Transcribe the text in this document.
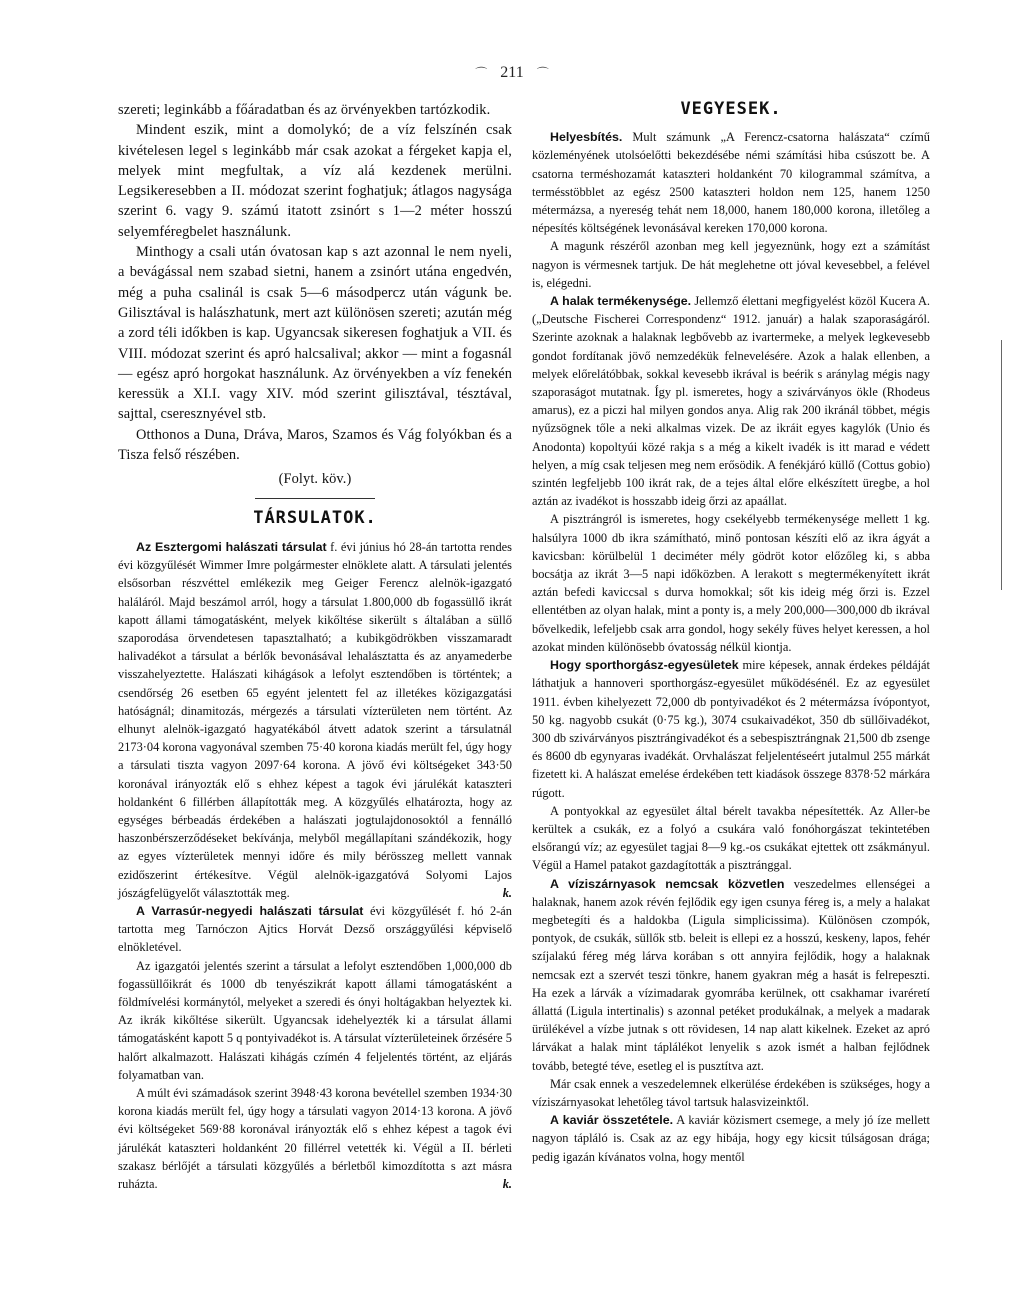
⌒ 211 ⌒

szereti; leginkább a főáradatban és az örvényekben tartózkodik.

Mindent eszik, mint a domolykó; de a víz felszínén csak kivételesen legel s leginkább már csak azokat a férgeket kapja el, melyek mint megfultak, a víz alá kezdenek merülni. Legsikeresebben a II. módozat szerint foghatjuk; átlagos nagysága szerint 6. vagy 9. számú itatott zsinórt s 1—2 méter hosszú selyemféregbelet használunk.

Minthogy a csali után óvatosan kap s azt azonnal le nem nyeli, a bevágással nem szabad sietni, hanem a zsinórt utána engedvén, még a puha csalinál is csak 5—6 másodpercz után vágunk be. Gilisztával is halászhatunk, mert azt különösen szereti; azután még a zord téli időkben is kap. Ugyancsak sikeresen foghatjuk a VII. és VIII. módozat szerint és apró halcsalival; akkor — mint a fogasnál — egész apró horgokat használunk. Az örvényekben a víz fenekén keressük a XI.I. vagy XIV. mód szerint gilisztával, tésztával, sajttal, cseresznyével stb.

Otthonos a Duna, Dráva, Maros, Szamos és Vág folyókban és a Tisza felső részében.

(Folyt. köv.)

TÁRSULATOK.

Az Esztergomi halászati társulat f. évi június hó 28-án tartotta rendes évi közgyűlését Wimmer Imre polgármester elnöklete alatt. A társulati jelentés elsősorban részvéttel emlékezik meg Geiger Ferencz alelnök-igazgató haláláról. Majd beszámol arról, hogy a társulat 1.800,000 db fogassüllő ikrát kapott állami támogatásként, melyek kikőltése sikerült s általában a süllő szaporodása örvendetesen tapasztalható; a kubikgödrökben visszamaradt halivadékot a társulat a bérlők bevonásával lehalásztatta és az anyamederbe visszahelyeztette. Halászati kihágások a lefolyt esztendőben is történtek; a csendőrség 26 esetben 65 egyént jelentett fel az illetékes közigazgatási hatóságnál; dinamitozás, mérgezés a társulati vízterületen nem történt. Az elhunyt alelnök-igazgató hagyatékából átvett adatok szerint a társulatnál 2173·04 korona vagyonával szemben 75·40 korona kiadás merült fel, úgy hogy a társulati tiszta vagyon 2097·64 korona. A jövő évi költségeket 343·50 koronával irányozták elő s ehhez képest a tagok évi járulékát kataszteri holdanként 6 fillérben állapították meg. A közgyűlés elhatározta, hogy az egységes bérbeadás érdekében a halászati jogtulajdonosoktól a fennálló haszonbérszerződéseket bekívánja, melyből megállapítani szándékozik, hogy az egyes vízterületek mennyi időre és mily bérösszeg mellett vannak ezidőszerint értékesítve. Végül alelnök-igazgatóvá Solyomi Lajos jószágfelügyelőt választották meg.	k.

A Varrasúr-negyedi halászati társulat évi közgyűlését f. hó 2-án tartotta meg Tarnóczon Ajtics Horvát Dezső országgyűlési képviselő elnökletével.

Az igazgatói jelentés szerint a társulat a lefolyt esztendőben 1,000,000 db fogassüllőikrát és 1000 db tenyészikrát kapott állami támogatásként a földmívelési kormánytól, melyeket a szeredi és ónyi holtágakban helyeztek ki. Az ikrák kikőltése sikerült. Ugyancsak idehelyezték ki a társulat állami támogatásként kapott 5 q pontyivadékot is. A társulat vízterületeinek őrzésére 5 halőrt alkalmazott. Halászati kihágás czímén 4 feljelentés történt, az eljárás folyamatban van.

A múlt évi számadások szerint 3948·43 korona bevétellel szemben 1934·30 korona kiadás merült fel, úgy hogy a társulati vagyon 2014·13 korona. A jövő évi költségeket 569·88 koronával irányozták elő s ehhez képest a tagok évi járulékát kataszteri holdanként 20 fillérrel vetették ki. Végül a II. bérleti szakasz bérlőjét a társulati közgyűlés a bérletből kimozdította s azt másra ruházta.	k.

VEGYESEK.

Helyesbítés. Mult számunk „A Ferencz-csatorna halászata“ czímű közleményének utolsóelőtti bekezdésébe némi számítási hiba csúszott be. A csatorna terméshozamát kataszteri holdanként 70 kilogrammal számítva, a termésstöbblet az egész 2500 kataszteri holdon nem 125, hanem 1250 métermázsa, a nyereség tehát nem 18,000, hanem 180,000 korona, illetőleg a népesítés költségének levonásával kereken 170,000 korona.

A magunk részéről azonban meg kell jegyeznünk, hogy ezt a számítást nagyon is vérmesnek tartjuk. De hát meglehetne ott jóval kevesebbel, a felével is, elégedni.

A halak termékenysége. Jellemző élettani megfigyelést közöl Kucera A. („Deutsche Fischerei Correspondenz“ 1912. január) a halak szaporaságáról. Szerinte azoknak a halaknak legbővebb az ivartermeke, a melyek legkevesebb gondot fordítanak jövő nemzedékük felnevelésére. Azok a halak ellenben, a melyek előrelátóbbak, sokkal kevesebb ikrával is beérik s aránylag mégis nagy szaporaságot mutatnak. Így pl. ismeretes, hogy a szivárványos ökle (Rhodeus amarus), ez a piczi hal milyen gondos anya. Alig rak 200 ikránál többet, mégis nyűzsögnek tőle a neki alkalmas vizek. De az ikráit egyes kagylók (Unio és Anodonta) kopoltyúi közé rakja s a még a kikelt ivadék is itt marad e védett helyen, a míg csak teljesen meg nem erősödik. A fenékjáró küllő (Cottus gobio) szintén legfeljebb 100 ikrát rak, de a tejes által előre elkészített üregbe, a hol aztán az ivadékot is hosszabb ideig őrzi az apaállat.

A pisztrángról is ismeretes, hogy csekélyebb termékenysége mellett 1 kg. halsúlyra 1000 db ikra számítható, minő pontosan készíti elő az ikra ágyát a kavicsban: körülbelül 1 deciméter mély gödröt kotor előzőleg ki, s abba bocsátja az ikrát 3—5 napi időközben. A lerakott s megtermékenyített ikrát aztán befedi kaviccsal s durva homokkal; sőt kis ideig még őrzi is. Ezzel ellentétben az olyan halak, mint a ponty is, a mely 200,000—300,000 db ikrával bővelkedik, lefeljebb csak arra gondol, hogy sekély füves helyet keressen, a hol azokat minden különösebb óvatosság nélkül kiontja.

Hogy sporthorgász-egyesületek mire képesek, annak érdekes példáját láthatjuk a hannoveri sporthorgász-egyesület működésénél. Ez az egyesület 1911. évben kihelyezett 72,000 db pontyivadékot és 2 métermázsa ívópontyot, 50 kg. nagyobb csukát (0·75 kg.), 3074 csukaivadékot, 350 db süllőivadékot, 300 db szivárványos pisztrángivadékot és a sebespisztrángnak 21,500 db zsenge és 8600 db egynyaras ivadékát. Orvhalászat feljelentéseért jutalmul 255 márkát fizetett ki. A halászat emelése érdekében tett kiadások összege 8378·52 márkára rúgott.

A pontyokkal az egyesület által bérelt tavakba népesítették. Az Aller-be kerültek a csukák, ez a folyó a csukára való fonóhorgászat tekintetében elsőrangú víz; az egyesület tagjai 8—9 kg.-os csukákat ejtettek ott zsákmányul. Végül a Hamel patakot gazdagították a pisztránggal.

A víziszárnyasok nemcsak közvetlen veszedelmes ellenségei a halaknak, hanem azok révén fejlődik egy igen csunya féreg is, a mely a halakat megbetegíti és a haldokba (Ligula simplicissima). Különösen czompók, pontyok, de csukák, süllők stb. beleit is ellepi ez a hosszú, keskeny, lapos, fehér szíjalakú féreg még lárva korában s ott annyira fejlődik, hogy a halaknak nemcsak ezt a szervét teszi tönkre, hanem gyakran még a hasát is felrepeszti. Ha ezek a lárvák a vízimadarak gyomrába kerülnek, ott csakhamar ivaréretí állattá (Ligula intertinalis) s azonnal petéket produkálnak, a melyek a madarak ürülékével a vízbe jutnak s ott rövidesen, 14 nap alatt kikelnek. Ezeket az apró lárvákat a halak mint táplálékot lenyelik s azok ismét a halban fejlődnek tovább, betegté téve, esetleg el is pusztítva azt.

Már csak ennek a veszedelemnek elkerülése érdekében is szükséges, hogy a víziszárnyasokat lehetőleg távol tartsuk halasvizeinktől.

A kaviár összetétele. A kaviár közismert csemege, a mely jó íze mellett nagyon tápláló is. Csak az az egy hibája, hogy egy kicsit túlságosan drága; pedig igazán kívánatos volna, hogy mentől
